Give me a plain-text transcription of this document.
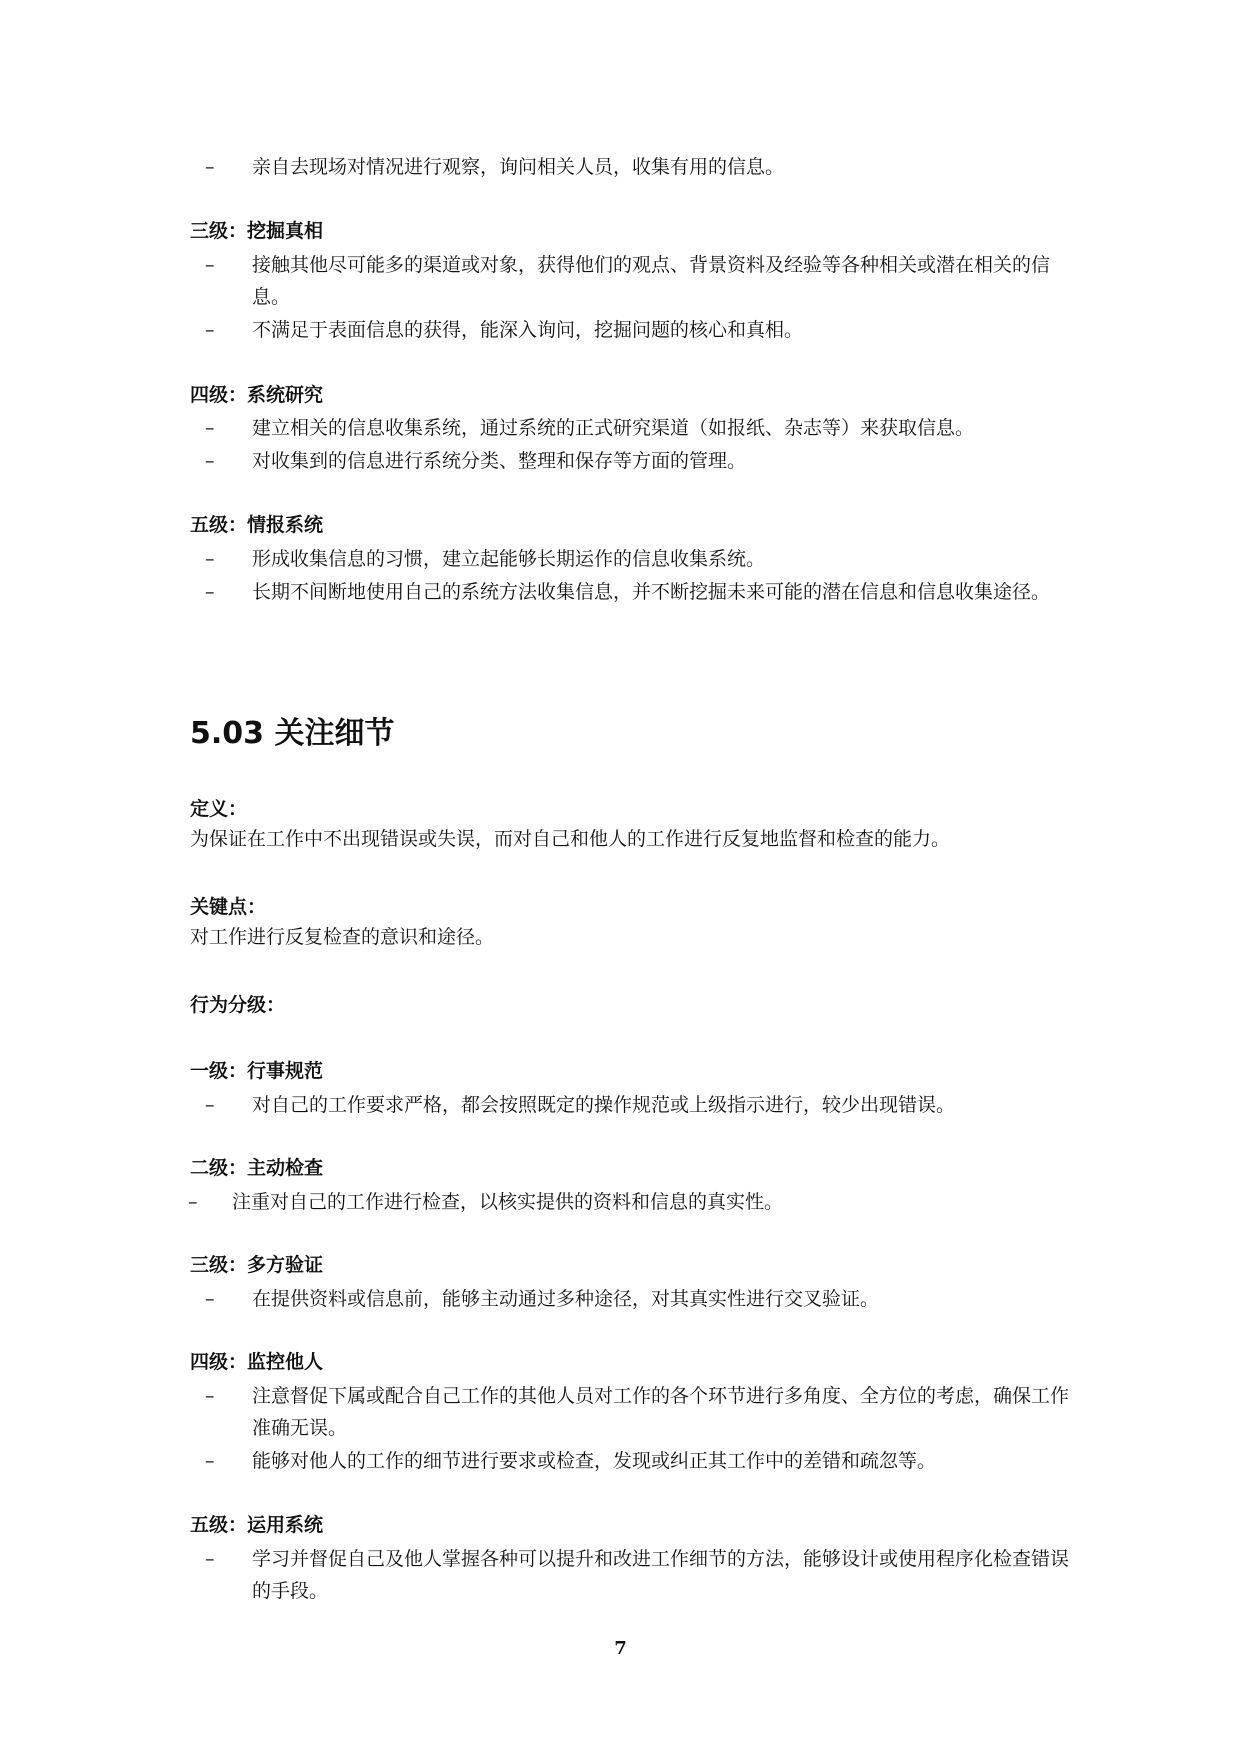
– 亲自去现场对情况进行观察，询问相关人员，收集有用的信息。
三级：挖掘真相
– 接触其他尽可能多的渠道或对象，获得他们的观点、背景资料及经验等各种相关或潜在相关的信息。
– 不满足于表面信息的获得，能深入询问，挖掘问题的核心和真相。
四级：系统研究
– 建立相关的信息收集系统，通过系统的正式研究渠道（如报纸、杂志等）来获取信息。
– 对收集到的信息进行系统分类、整理和保存等方面的管理。
五级：情报系统
– 形成收集信息的习惯，建立起能够长期运作的信息收集系统。
– 长期不间断地使用自己的系统方法收集信息，并不断挖掘未来可能的潜在信息和信息收集途径。
5.03 关注细节
定义：
为保证在工作中不出现错误或失误，而对自己和他人的工作进行反复地监督和检查的能力。
关键点：
对工作进行反复检查的意识和途径。
行为分级：
一级：行事规范
– 对自己的工作要求严格，都会按照既定的操作规范或上级指示进行，较少出现错误。
二级：主动检查
– 注重对自己的工作进行检查，以核实提供的资料和信息的真实性。
三级：多方验证
– 在提供资料或信息前，能够主动通过多种途径，对其真实性进行交叉验证。
四级：监控他人
– 注意督促下属或配合自己工作的其他人员对工作的各个环节进行多角度、全方位的考虑，确保工作准确无误。
– 能够对他人的工作的细节进行要求或检查，发现或纠正其工作中的差错和疏忽等。
五级：运用系统
– 学习并督促自己及他人掌握各种可以提升和改进工作细节的方法，能够设计或使用程序化检查错误的手段。
7
